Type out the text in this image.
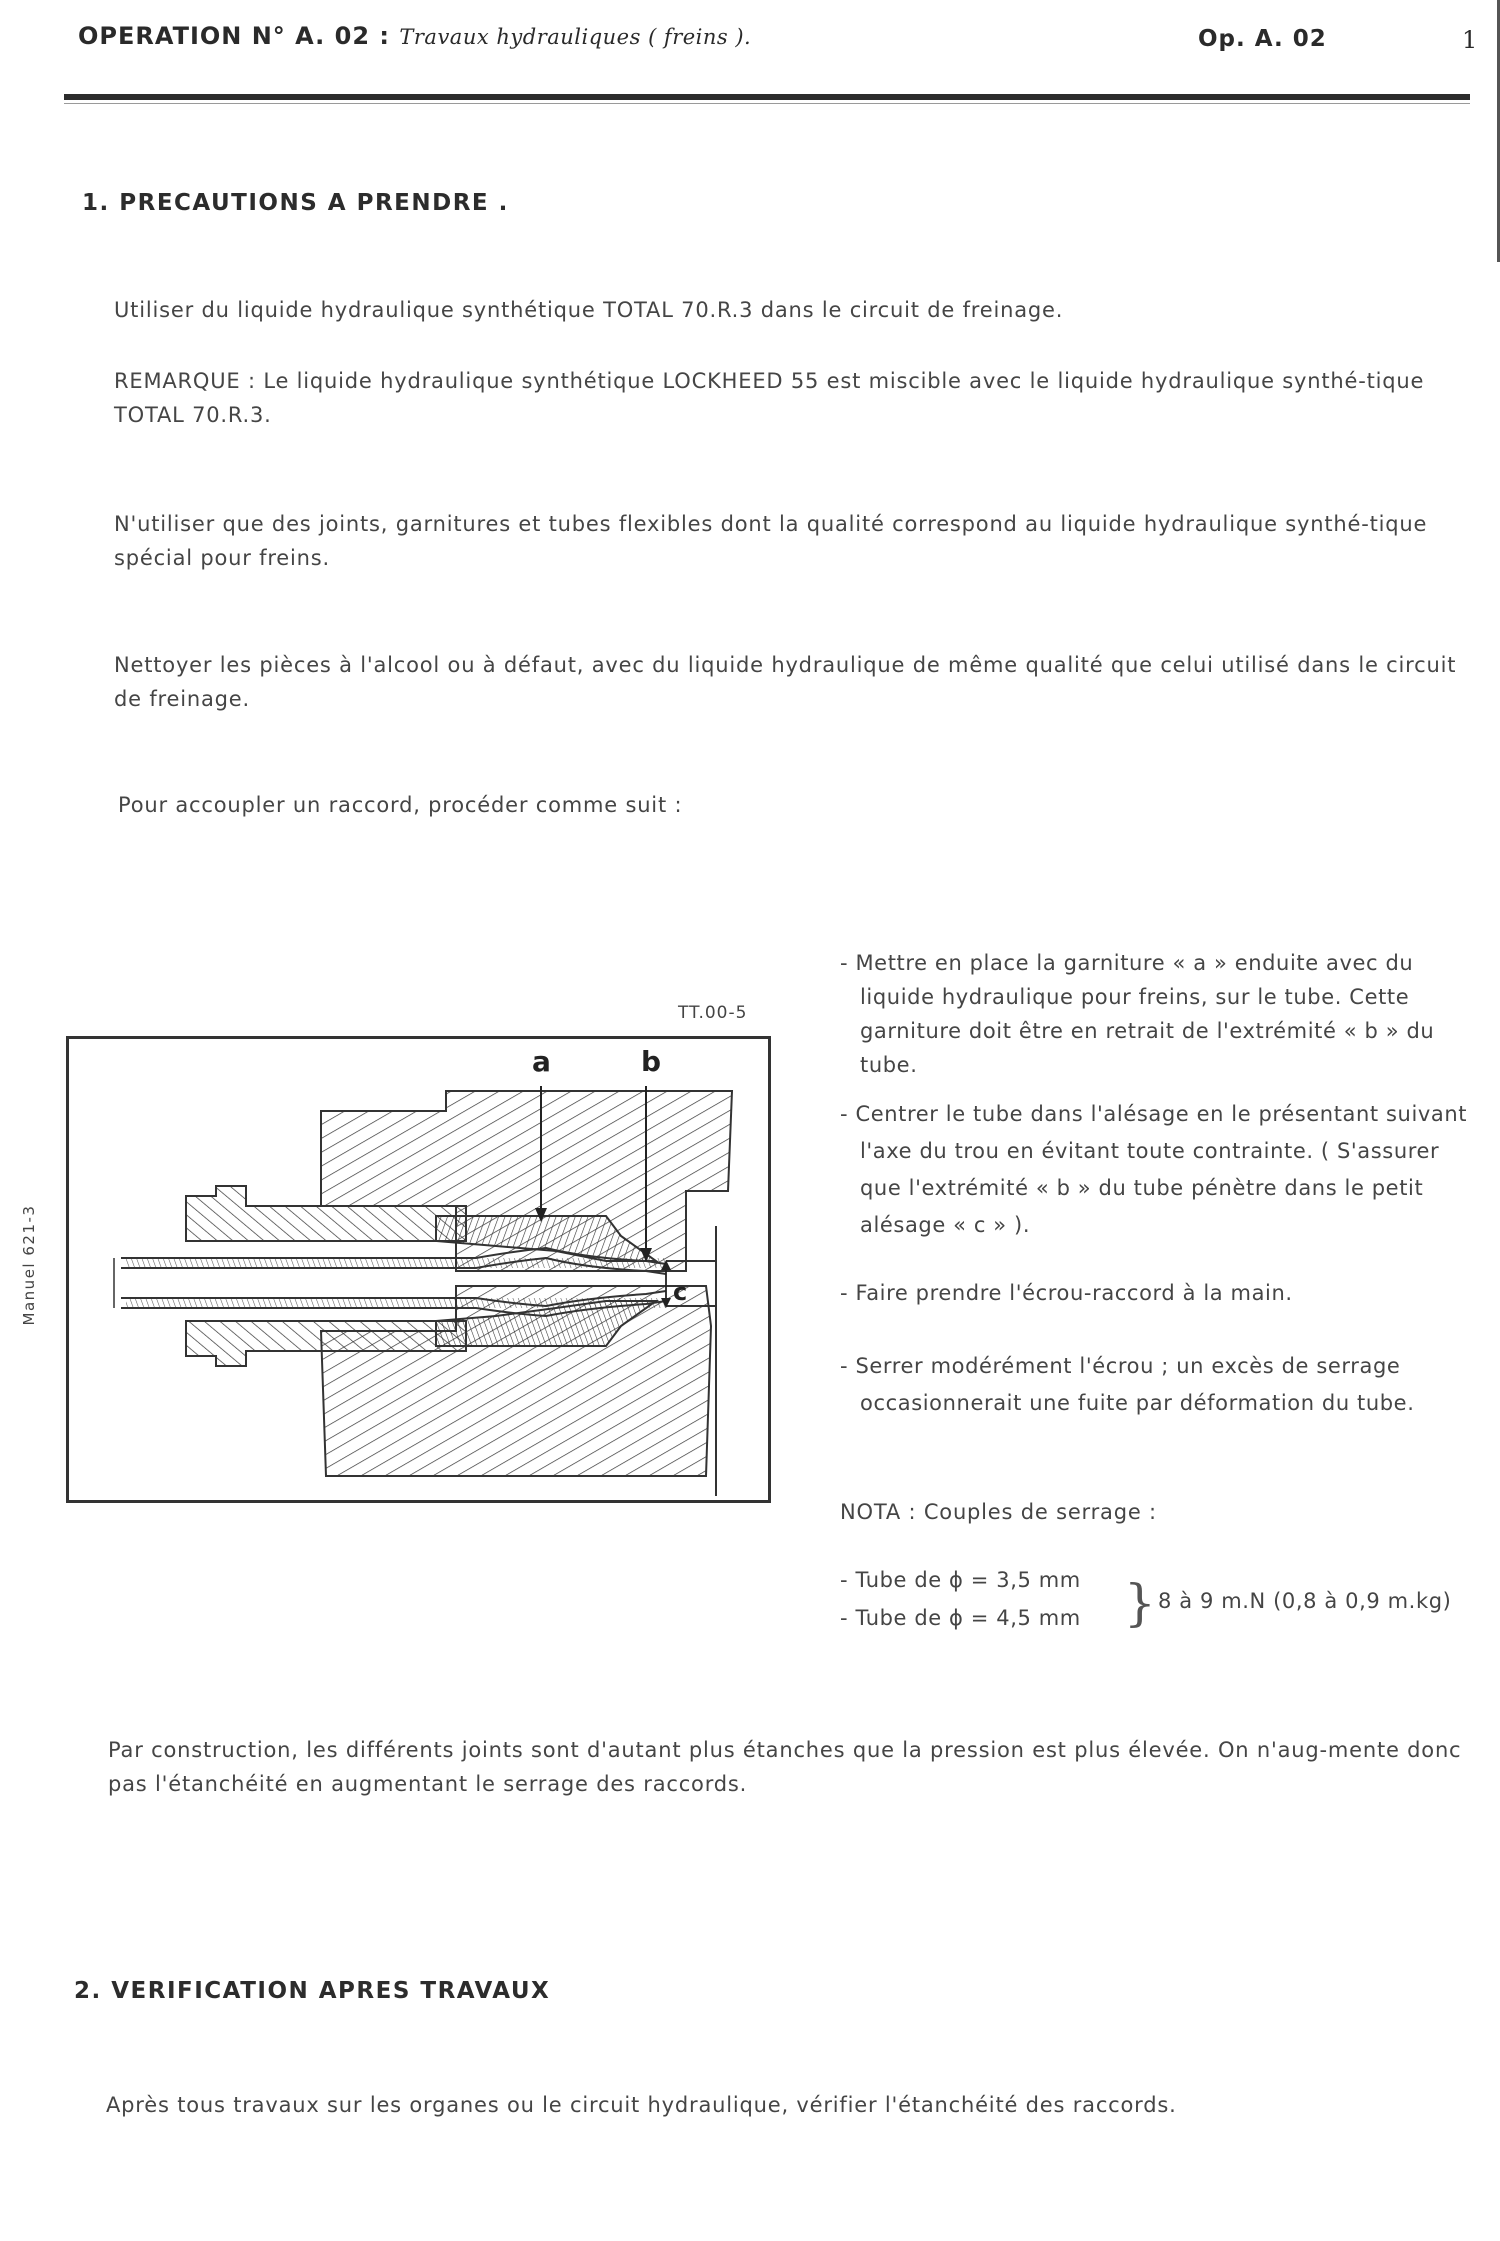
OPERATION N° A. 02 : Travaux hydrauliques ( freins ).	Op. A. 02	1
Manuel 621-3
1. PRECAUTIONS A PRENDRE .
Utiliser du liquide hydraulique synthétique TOTAL 70.R.3 dans le circuit de freinage.
REMARQUE : Le liquide hydraulique synthétique LOCKHEED 55 est miscible avec le liquide hydraulique synthé-tique TOTAL 70.R.3.
N'utiliser que des joints, garnitures et tubes flexibles dont la qualité correspond au liquide hydraulique synthé-tique spécial pour freins.
Nettoyer les pièces à l'alcool ou à défaut, avec du liquide hydraulique de même qualité que celui utilisé dans le circuit de freinage.
Pour accoupler un raccord, procéder comme suit :
TT.00-5
a	b
c
- Mettre en place la garniture « a » enduite avec du liquide hydraulique pour freins, sur le tube. Cette garniture doit être en retrait de l'extrémité « b » du tube.
- Centrer le tube dans l'alésage en le présentant suivant l'axe du trou en évitant toute contrainte. ( S'assurer que l'extrémité « b » du tube pénètre dans le petit alésage « c » ).
- Faire prendre l'écrou-raccord à la main.
- Serrer modérément l'écrou ; un excès de serrage occasionnerait une fuite par déformation du tube.
NOTA : Couples de serrage :
- Tube de ϕ = 3,5 mm
- Tube de ϕ = 4,5 mm } 8 à 9 m.N (0,8 à 0,9 m.kg)
Par construction, les différents joints sont d'autant plus étanches que la pression est plus élevée. On n'aug-mente donc pas l'étanchéité en augmentant le serrage des raccords.
2. VERIFICATION APRES TRAVAUX
Après tous travaux sur les organes ou le circuit hydraulique, vérifier l'étanchéité des raccords.
